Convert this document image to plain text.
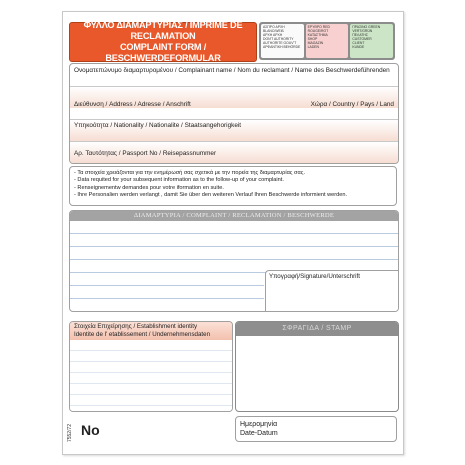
ΦΥΛΛΟ ΔΙΑΜΑΡΤΥΡΙΑΣ / IMPRIME DE RECLAMATION
COMPLAINT FORM / BESCHWERDEFORMULAR
ΑΣΠΡΟ ΑΡΧΗ
BLANC/WEIß
ΑΡΧΗ ΑΡΧΗ
DON'T AUTHORITY
AUTHORITE GOUV'T
ΑΡΦΑΝΤΙΚΗ BEHÖRDE
ΕΡΥΘΡΟ RED
ROUGE/ROT
ΚΑΤΑΣΤΗΜΑ
SHOP
MAGAZIN
LADEN
ΠΡΑΣΙΝΟ GREEN
VERT/GRÜN
ΠΕΛΑΤΗΣ
CUSTOMER
CLIENT
KUNDE
Ονοματεπώνυμο διαμαρτυρομένου / Complainant name / Nom du reclamant / Name des Beschwerdeführenden
Διεύθυνση / Address / Adresse / Anschrift	Χώρα / Country / Pays / Land
Υπηκοότητα / Nationality / Nationalite / Staatsangehorigkeit
Αρ. Ταυτότητας / Passport No / Reisepassnummer
- Τα στοιχεία χρειάζονται για την ενημέρωσή σας σχετικά με την πορεία της διαμαρτυρίας σας.
- Data requited for your subsequent information as to the follow-up of your complaint.
- Renseignementw demandes pour votre iformation en suite.
- Ihre Personalien werden verlangt , damit Sie über den weiteren Verlauf Ihren Beschwerde informient werden.
ΔΙΑΜΑΡΤΥΡΙΑ / COMPLAINT / RECLAMATION / BESCHWERDE
Υπογραφή/Signature/Unterschrift
Στοιχεία Επιχείρησης / Establishment identity
Identite de l' etablissement / Undernehmensdaten
ΣΦΡΑΓΙΔΑ / STAMP
7552/72 No	Ημερομηνία
Date-Datum
